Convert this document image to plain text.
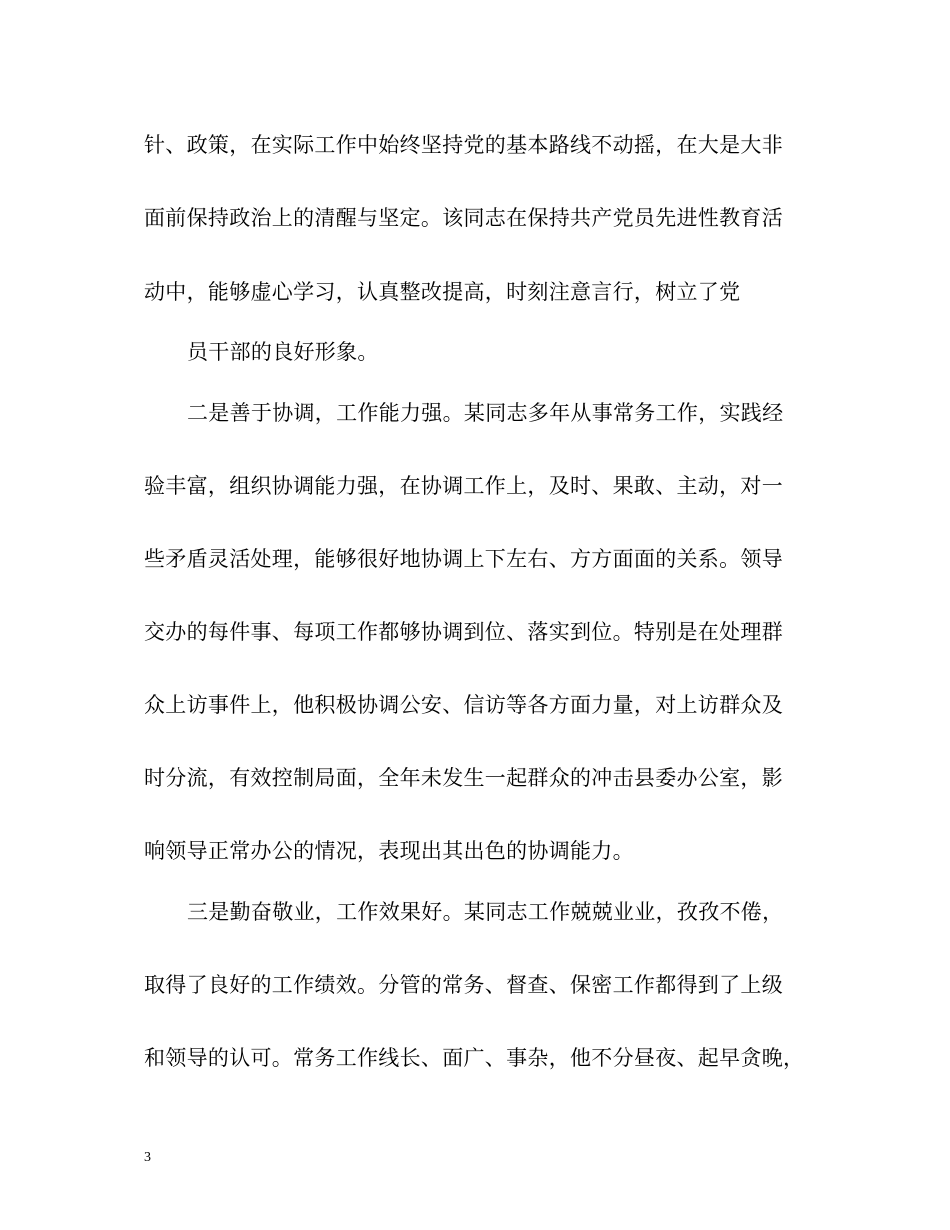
针、政策，在实际工作中始终坚持党的基本路线不动摇，在大是大非
面前保持政治上的清醒与坚定。该同志在保持共产党员先进性教育活
动中，能够虚心学习，认真整改提高，时刻注意言行，树立了党
员干部的良好形象。
二是善于协调，工作能力强。某同志多年从事常务工作，实践经
验丰富，组织协调能力强，在协调工作上，及时、果敢、主动，对一
些矛盾灵活处理，能够很好地协调上下左右、方方面面的关系。领导
交办的每件事、每项工作都够协调到位、落实到位。特别是在处理群
众上访事件上，他积极协调公安、信访等各方面力量，对上访群众及
时分流，有效控制局面，全年未发生一起群众的冲击县委办公室，影
响领导正常办公的情况，表现出其出色的协调能力。
三是勤奋敬业，工作效果好。某同志工作兢兢业业，孜孜不倦，
取得了良好的工作绩效。分管的常务、督查、保密工作都得到了上级
和领导的认可。常务工作线长、面广、事杂，他不分昼夜、起早贪晚，
3
